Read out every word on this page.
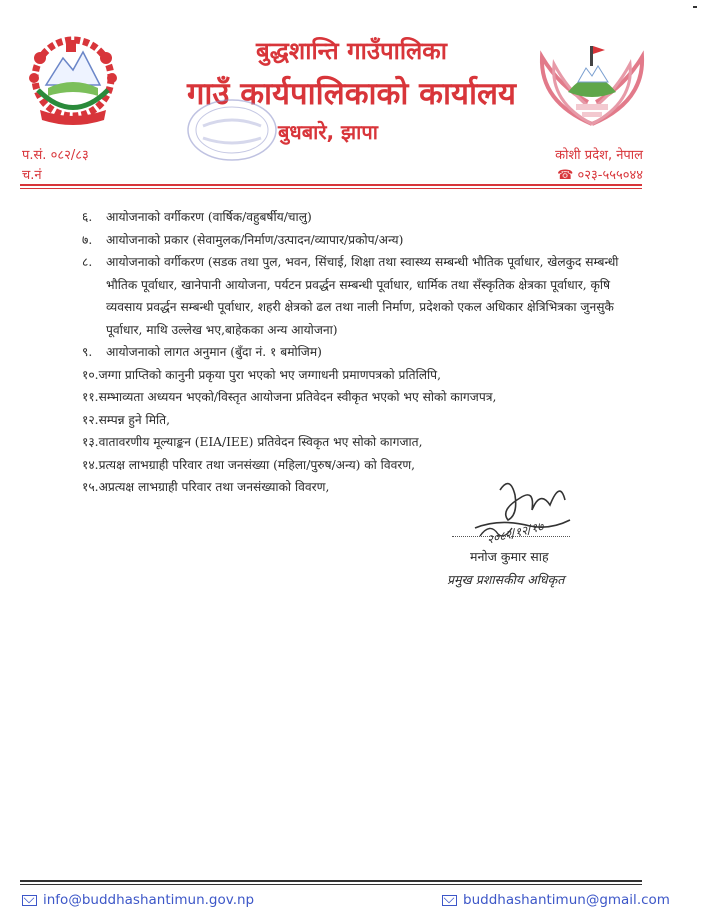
बुद्धशान्ति गाउँपालिका
गाउँ कार्यपालिकाको कार्यालय
बुधबारे, झापा
प.सं. ०८२/८३
च.नं
कोशी प्रदेश, नेपाल
☎ ०२३-५५५०४४
६.	आयोजनाको वर्गीकरण (वार्षिक/वहुबर्षीय/चालु)
७.	आयोजनाको प्रकार (सेवामुलक/निर्माण/उत्पादन/व्यापार/प्रकोप/अन्य)
८.	आयोजनाको वर्गीकरण (सडक तथा पुल, भवन, सिंचाई, शिक्षा तथा स्वास्थ्य सम्बन्धी भौतिक पूर्वाधार, खेलकुद सम्बन्धी भौतिक पूर्वाधार, खानेपानी आयोजना, पर्यटन प्रवर्द्धन सम्बन्धी पूर्वाधार, धार्मिक तथा सँस्कृतिक क्षेत्रका पूर्वाधार, कृषि व्यवसाय प्रवर्द्धन सम्बन्धी पूर्वाधार, शहरी क्षेत्रको ढल तथा नाली निर्माण, प्रदेशको एकल अधिकार क्षेत्रिभित्रका जुनसुकै पूर्वाधार, माथि उल्लेख भए,बाहेकका अन्य आयोजना)
९.	आयोजनाको लागत अनुमान (बुँदा नं. १ बमोजिम)
१०. जग्गा प्राप्तिको कानुनी प्रकृया पुरा भएको भए जग्गाधनी प्रमाणपत्रको प्रतिलिपि,
११. सम्भाव्यता अध्ययन भएको/विस्तृत आयोजना प्रतिवेदन स्वीकृत भएको भए सोको कागजपत्र,
१२. सम्पन्न हुने मिति,
१३. वातावरणीय मूल्याङ्कन (EIA/IEE) प्रतिवेदन स्विकृत भए सोको कागजात,
१४. प्रत्यक्ष लाभग्राही परिवार तथा जनसंख्या (महिला/पुरुष/अन्य) को विवरण,
१५. अप्रत्यक्ष लाभग्राही परिवार तथा जनसंख्याको विवरण,
२०८२/१२/१७
मनोज कुमार साह
प्रमुख प्रशासकीय अधिकृत
info@buddhashantimun.gov.np	buddhashantimun@gmail.com
